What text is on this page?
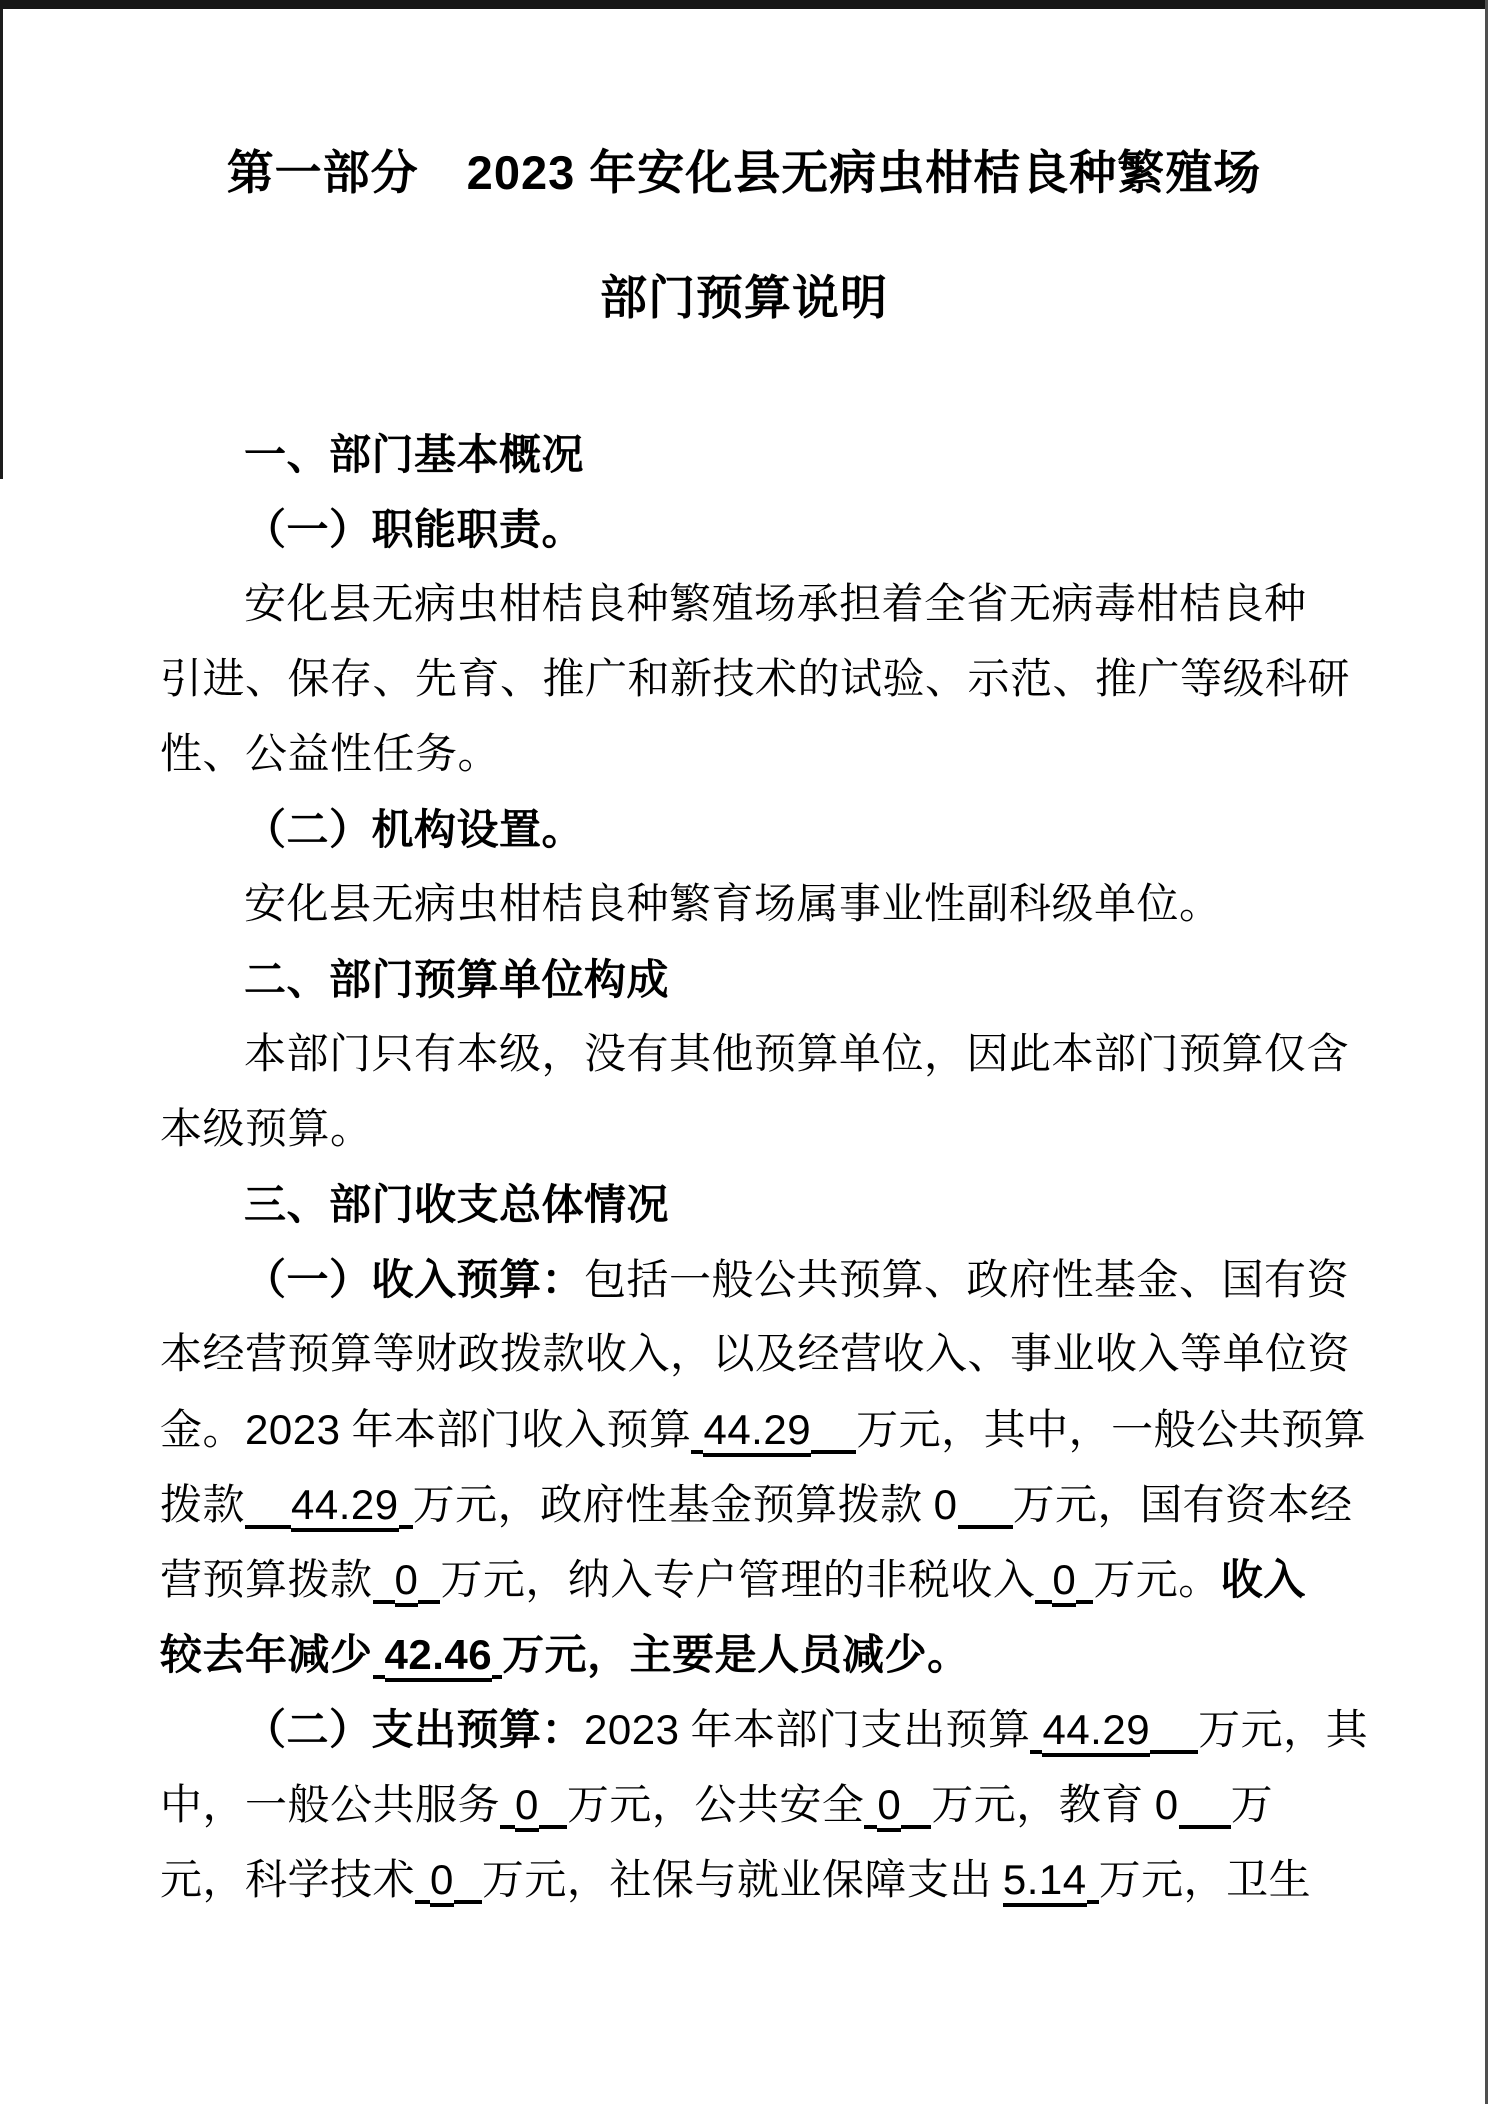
第一部分　2023 年安化县无病虫柑桔良种繁殖场
部门预算说明
一、部门基本概况
（一）职能职责。
安化县无病虫柑桔良种繁殖场承担着全省无病毒柑桔良种
引进、保存、先育、推广和新技术的试验、示范、推广等级科研
性、公益性任务。
（二）机构设置。
安化县无病虫柑桔良种繁育场属事业性副科级单位。
二、部门预算单位构成
本部门只有本级，没有其他预算单位，因此本部门预算仅含
本级预算。
三、部门收支总体情况
（一）收入预算：包括一般公共预算、政府性基金、国有资
本经营预算等财政拨款收入，以及经营收入、事业收入等单位资
金。2023 年本部门收入预算 44.29 万元，其中，一般公共预算
拨款 44.29 万元，政府性基金预算拨款 0 万元，国有资本经
营预算拨款 0 万元，纳入专户管理的非税收入 0 万元。收入
较去年减少 42.46 万元，主要是人员减少。
（二）支出预算：2023 年本部门支出预算 44.29 万元，其
中，一般公共服务 0 万元，公共安全 0 万元，教育 0 万
元，科学技术 0 万元，社保与就业保障支出 5.14 万元，卫生
